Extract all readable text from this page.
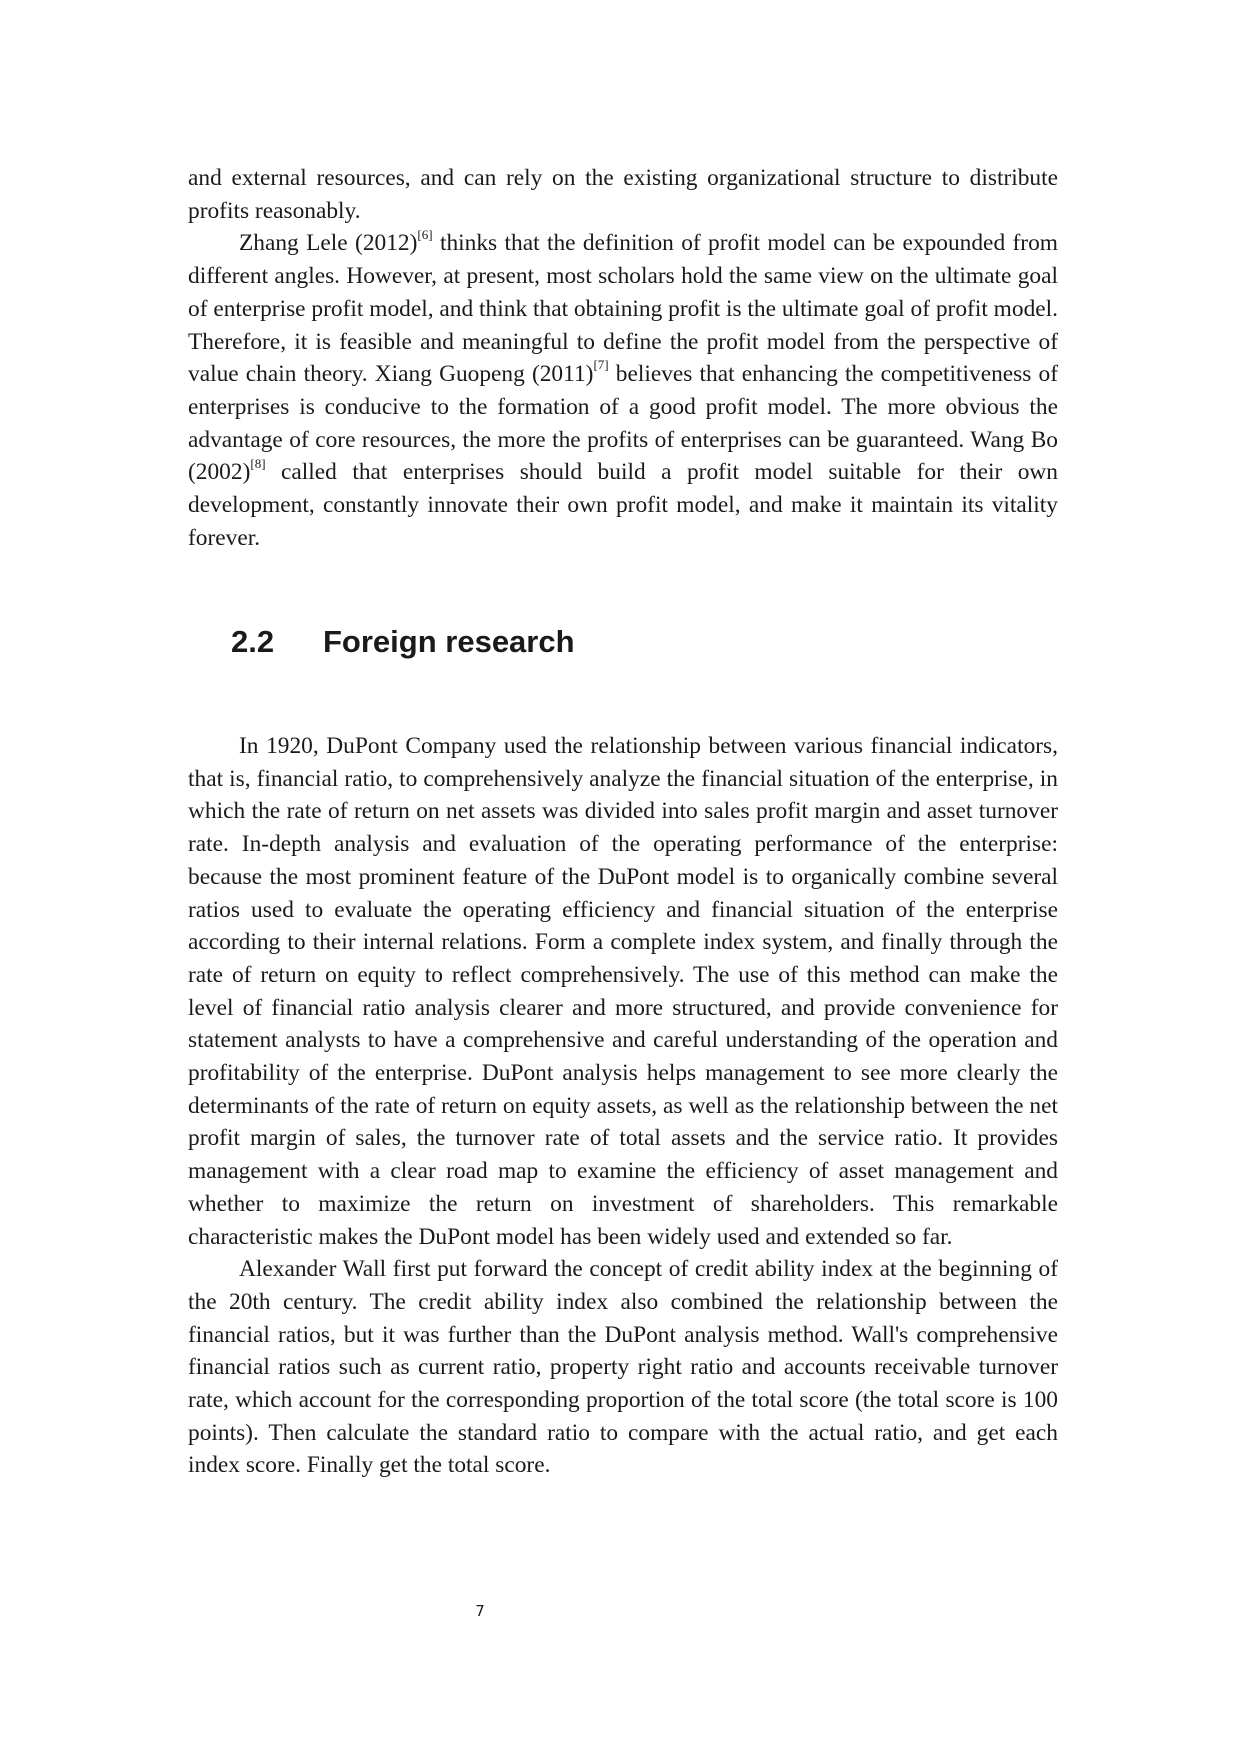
and external resources, and can rely on the existing organizational structure to distribute profits reasonably.

Zhang Lele (2012)[6] thinks that the definition of profit model can be expounded from different angles. However, at present, most scholars hold the same view on the ultimate goal of enterprise profit model, and think that obtaining profit is the ultimate goal of profit model. Therefore, it is feasible and meaningful to define the profit model from the perspective of value chain theory. Xiang Guopeng (2011)[7] believes that enhancing the competitiveness of enterprises is conducive to the formation of a good profit model. The more obvious the advantage of core resources, the more the profits of enterprises can be guaranteed. Wang Bo (2002)[8] called that enterprises should build a profit model suitable for their own development, constantly innovate their own profit model, and make it maintain its vitality forever.

2.2 Foreign research

In 1920, DuPont Company used the relationship between various financial indicators, that is, financial ratio, to comprehensively analyze the financial situation of the enterprise, in which the rate of return on net assets was divided into sales profit margin and asset turnover rate. In-depth analysis and evaluation of the operating performance of the enterprise: because the most prominent feature of the DuPont model is to organically combine several ratios used to evaluate the operating efficiency and financial situation of the enterprise according to their internal relations. Form a complete index system, and finally through the rate of return on equity to reflect comprehensively. The use of this method can make the level of financial ratio analysis clearer and more structured, and provide convenience for statement analysts to have a comprehensive and careful understanding of the operation and profitability of the enterprise. DuPont analysis helps management to see more clearly the determinants of the rate of return on equity assets, as well as the relationship between the net profit margin of sales, the turnover rate of total assets and the service ratio. It provides management with a clear road map to examine the efficiency of asset management and whether to maximize the return on investment of shareholders. This remarkable characteristic makes the DuPont model has been widely used and extended so far.

Alexander Wall first put forward the concept of credit ability index at the beginning of the 20th century. The credit ability index also combined the relationship between the financial ratios, but it was further than the DuPont analysis method. Wall's comprehensive financial ratios such as current ratio, property right ratio and accounts receivable turnover rate, which account for the corresponding proportion of the total score (the total score is 100 points). Then calculate the standard ratio to compare with the actual ratio, and get each index score. Finally get the total score.

7
